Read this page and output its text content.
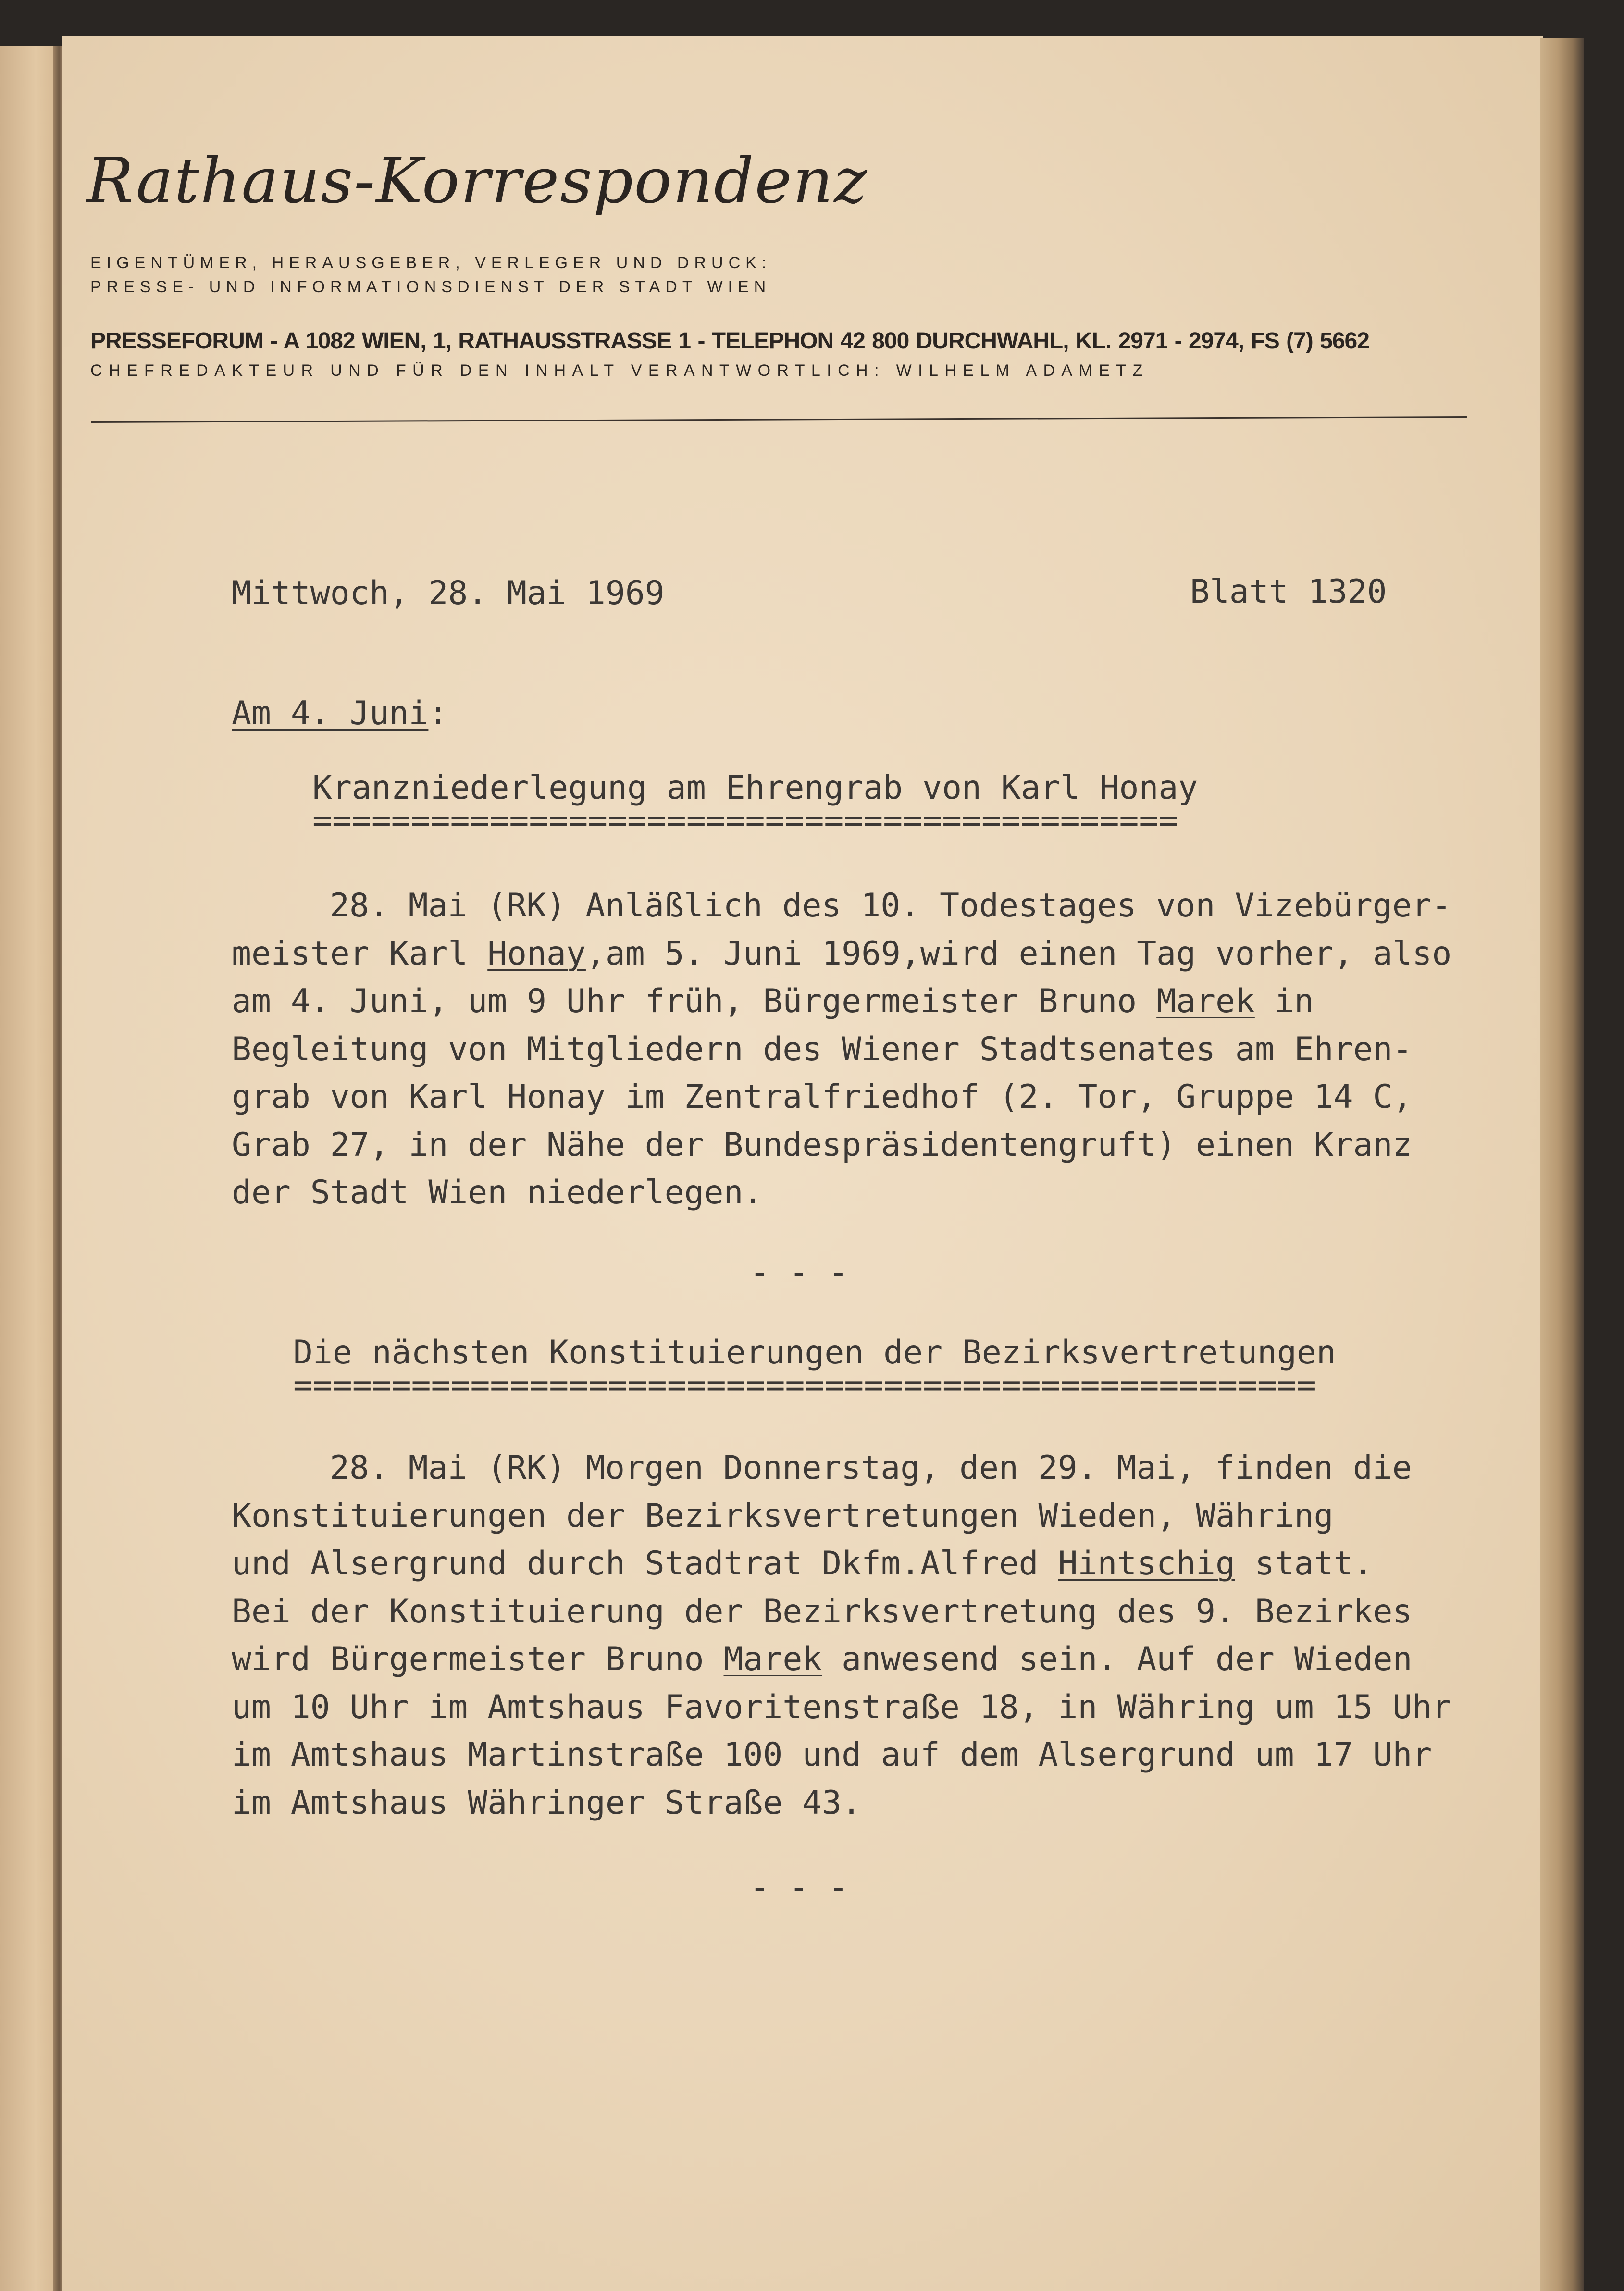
Rathaus-Korrespondenz
EIGENTÜMER, HERAUSGEBER, VERLEGER UND DRUCK:
PRESSE- UND INFORMATIONSDIENST DER STADT WIEN
PRESSEFORUM - A 1082 WIEN, 1, RATHAUSSTRASSE 1 - TELEPHON 42 800 DURCHWAHL, KL. 2971 - 2974, FS (7) 5662
CHEFREDAKTEUR UND FÜR DEN INHALT VERANTWORTLICH: WILHELM ADAMETZ
Mittwoch, 28. Mai 1969	Blatt 1320
Am 4. Juni:
Kranzniederlegung am Ehrengrab von Karl Honay
============================================
28. Mai (RK) Anläßlich des 10. Todestages von Vizebürger-
meister Karl Honay,am 5. Juni 1969,wird einen Tag vorher, also
am 4. Juni, um 9 Uhr früh, Bürgermeister Bruno Marek in
Begleitung von Mitgliedern des Wiener Stadtsenates am Ehren-
grab von Karl Honay im Zentralfriedhof (2. Tor, Gruppe 14 C,
Grab 27, in der Nähe der Bundespräsidentengruft) einen Kranz
der Stadt Wien niederlegen.
- - -
Die nächsten Konstituierungen der Bezirksvertretungen
====================================================
28. Mai (RK) Morgen Donnerstag, den 29. Mai, finden die
Konstituierungen der Bezirksvertretungen Wieden, Währing
und Alsergrund durch Stadtrat Dkfm.Alfred Hintschig statt.
Bei der Konstituierung der Bezirksvertretung des 9. Bezirkes
wird Bürgermeister Bruno Marek anwesend sein. Auf der Wieden
um 10 Uhr im Amtshaus Favoritenstraße 18, in Währing um 15 Uhr
im Amtshaus Martinstraße 100 und auf dem Alsergrund um 17 Uhr
im Amtshaus Währinger Straße 43.
- - -
